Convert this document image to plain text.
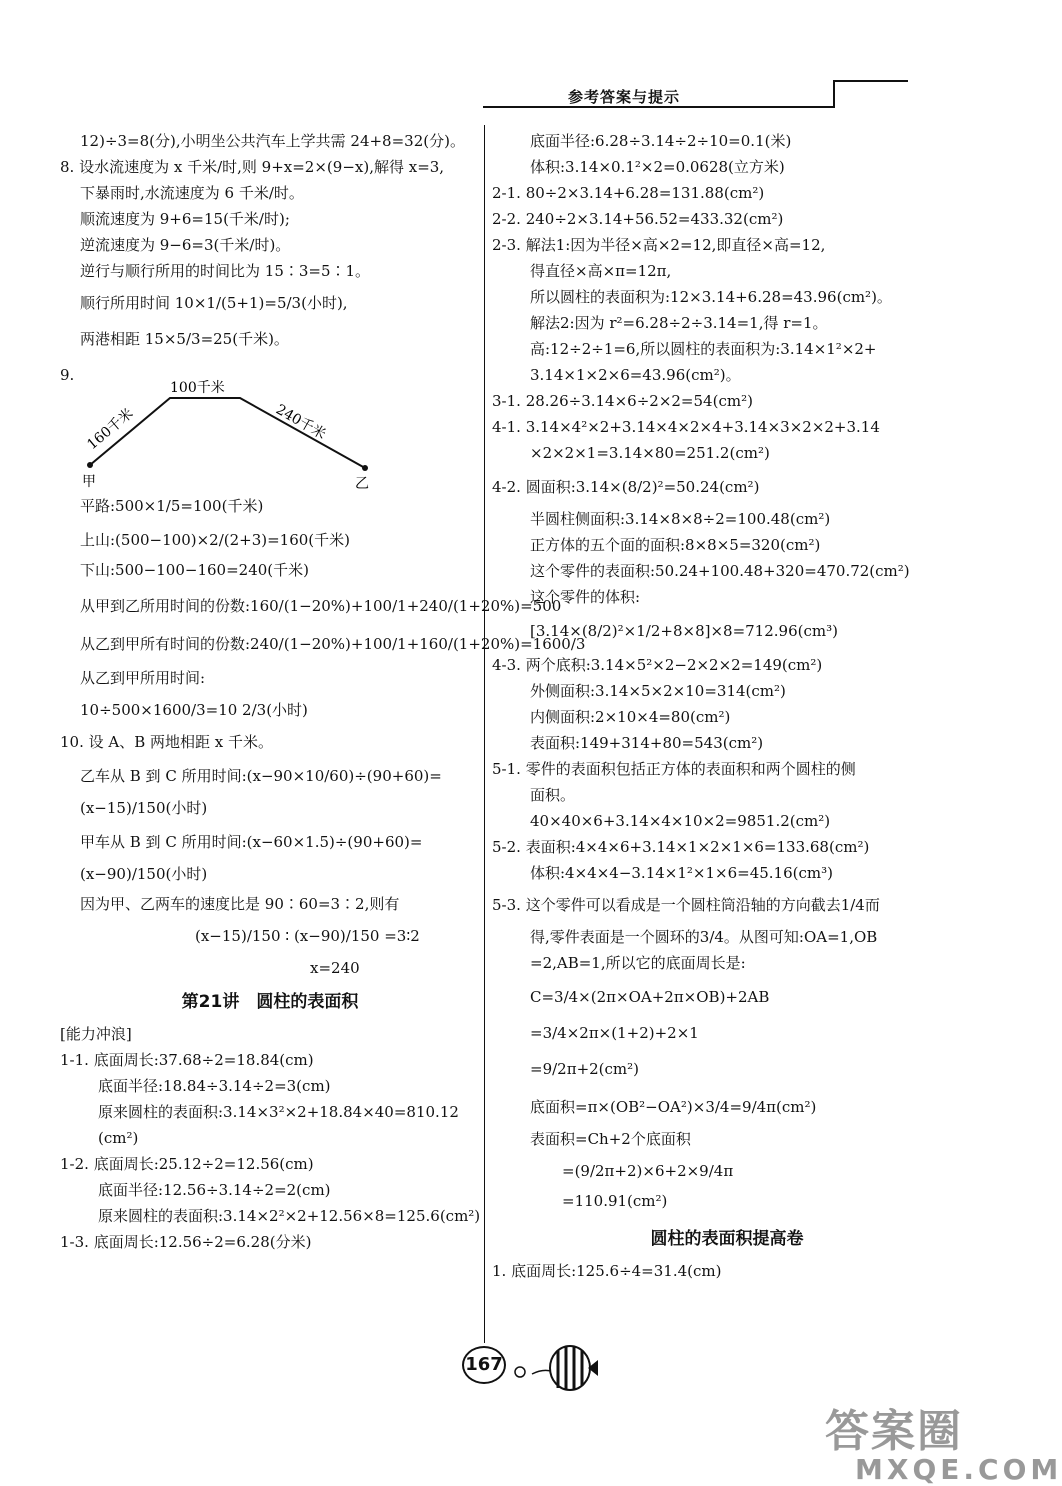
参考答案与提示
12)÷3=8(分),小明坐公共汽车上学共需 24+8=32(分)。
8. 设水流速度为 x 千米/时,则 9+x=2×(9−x),解得 x=3,
下暴雨时,水流速度为 6 千米/时。
顺流速度为 9+6=15(千米/时);
逆流速度为 9−6=3(千米/时)。
逆行与顺行所用的时间比为 15∶3=5∶1。
顺行所用时间 10×1/(5+1)=5/3(小时),
两港相距 15×5/3=25(千米)。
9.
平路:500×1/5=100(千米)
上山:(500−100)×2/(2+3)=160(千米)
下山:500−100−160=240(千米)
从甲到乙所用时间的份数:160/(1−20%)+100/1+240/(1+20%)=500
从乙到甲所有时间的份数:240/(1−20%)+100/1+160/(1+20%)=1600/3
从乙到甲所用时间:
10÷500×1600/3=10 2/3(小时)
10. 设 A、B 两地相距 x 千米。
乙车从 B 到 C 所用时间:(x−90×10/60)÷(90+60)=
(x−15)/150(小时)
甲车从 B 到 C 所用时间:(x−60×1.5)÷(90+60)=
(x−90)/150(小时)
因为甲、乙两车的速度比是 90∶60=3∶2,则有
(x−15)/150 ∶ (x−90)/150 =3∶2
x=240
第21讲　圆柱的表面积
[能力冲浪]
1-1. 底面周长:37.68÷2=18.84(cm)
底面半径:18.84÷3.14÷2=3(cm)
原来圆柱的表面积:3.14×3²×2+18.84×40=810.12
(cm²)
1-2. 底面周长:25.12÷2=12.56(cm)
底面半径:12.56÷3.14÷2=2(cm)
原来圆柱的表面积:3.14×2²×2+12.56×8=125.6(cm²)
1-3. 底面周长:12.56÷2=6.28(分米)
100千米
160千米	240千米
甲	乙
底面半径:6.28÷3.14÷2÷10=0.1(米)
体积:3.14×0.1²×2=0.0628(立方米)
2-1. 80÷2×3.14+6.28=131.88(cm²)
2-2. 240÷2×3.14+56.52=433.32(cm²)
2-3. 解法1:因为半径×高×2=12,即直径×高=12,
得直径×高×π=12π,
所以圆柱的表面积为:12×3.14+6.28=43.96(cm²)。
解法2:因为 r²=6.28÷2÷3.14=1,得 r=1。
高:12÷2÷1=6,所以圆柱的表面积为:3.14×1²×2+
3.14×1×2×6=43.96(cm²)。
3-1. 28.26÷3.14×6÷2×2=54(cm²)
4-1. 3.14×4²×2+3.14×4×2×4+3.14×3×2×2+3.14
×2×2×1=3.14×80=251.2(cm²)
4-2. 圆面积:3.14×(8/2)²=50.24(cm²)
半圆柱侧面积:3.14×8×8÷2=100.48(cm²)
正方体的五个面的面积:8×8×5=320(cm²)
这个零件的表面积:50.24+100.48+320=470.72(cm²)
这个零件的体积:
[3.14×(8/2)²×1/2+8×8]×8=712.96(cm³)
4-3. 两个底积:3.14×5²×2−2×2×2=149(cm²)
外侧面积:3.14×5×2×10=314(cm²)
内侧面积:2×10×4=80(cm²)
表面积:149+314+80=543(cm²)
5-1. 零件的表面积包括正方体的表面积和两个圆柱的侧
面积。
40×40×6+3.14×4×10×2=9851.2(cm²)
5-2. 表面积:4×4×6+3.14×1×2×1×6=133.68(cm²)
体积:4×4×4−3.14×1²×1×6=45.16(cm³)
5-3. 这个零件可以看成是一个圆柱筒沿轴的方向截去1/4而
得,零件表面是一个圆环的3/4。从图可知:OA=1,OB
=2,AB=1,所以它的底面周长是:
C=3/4×(2π×OA+2π×OB)+2AB
=3/4×2π×(1+2)+2×1
=9/2π+2(cm²)
底面积=π×(OB²−OA²)×3/4=9/4π(cm²)
表面积=Ch+2个底面积
=(9/2π+2)×6+2×9/4π
=110.91(cm²)
圆柱的表面积提高卷
1. 底面周长:125.6÷4=31.4(cm)
167
答案圈
MXQE.COM
